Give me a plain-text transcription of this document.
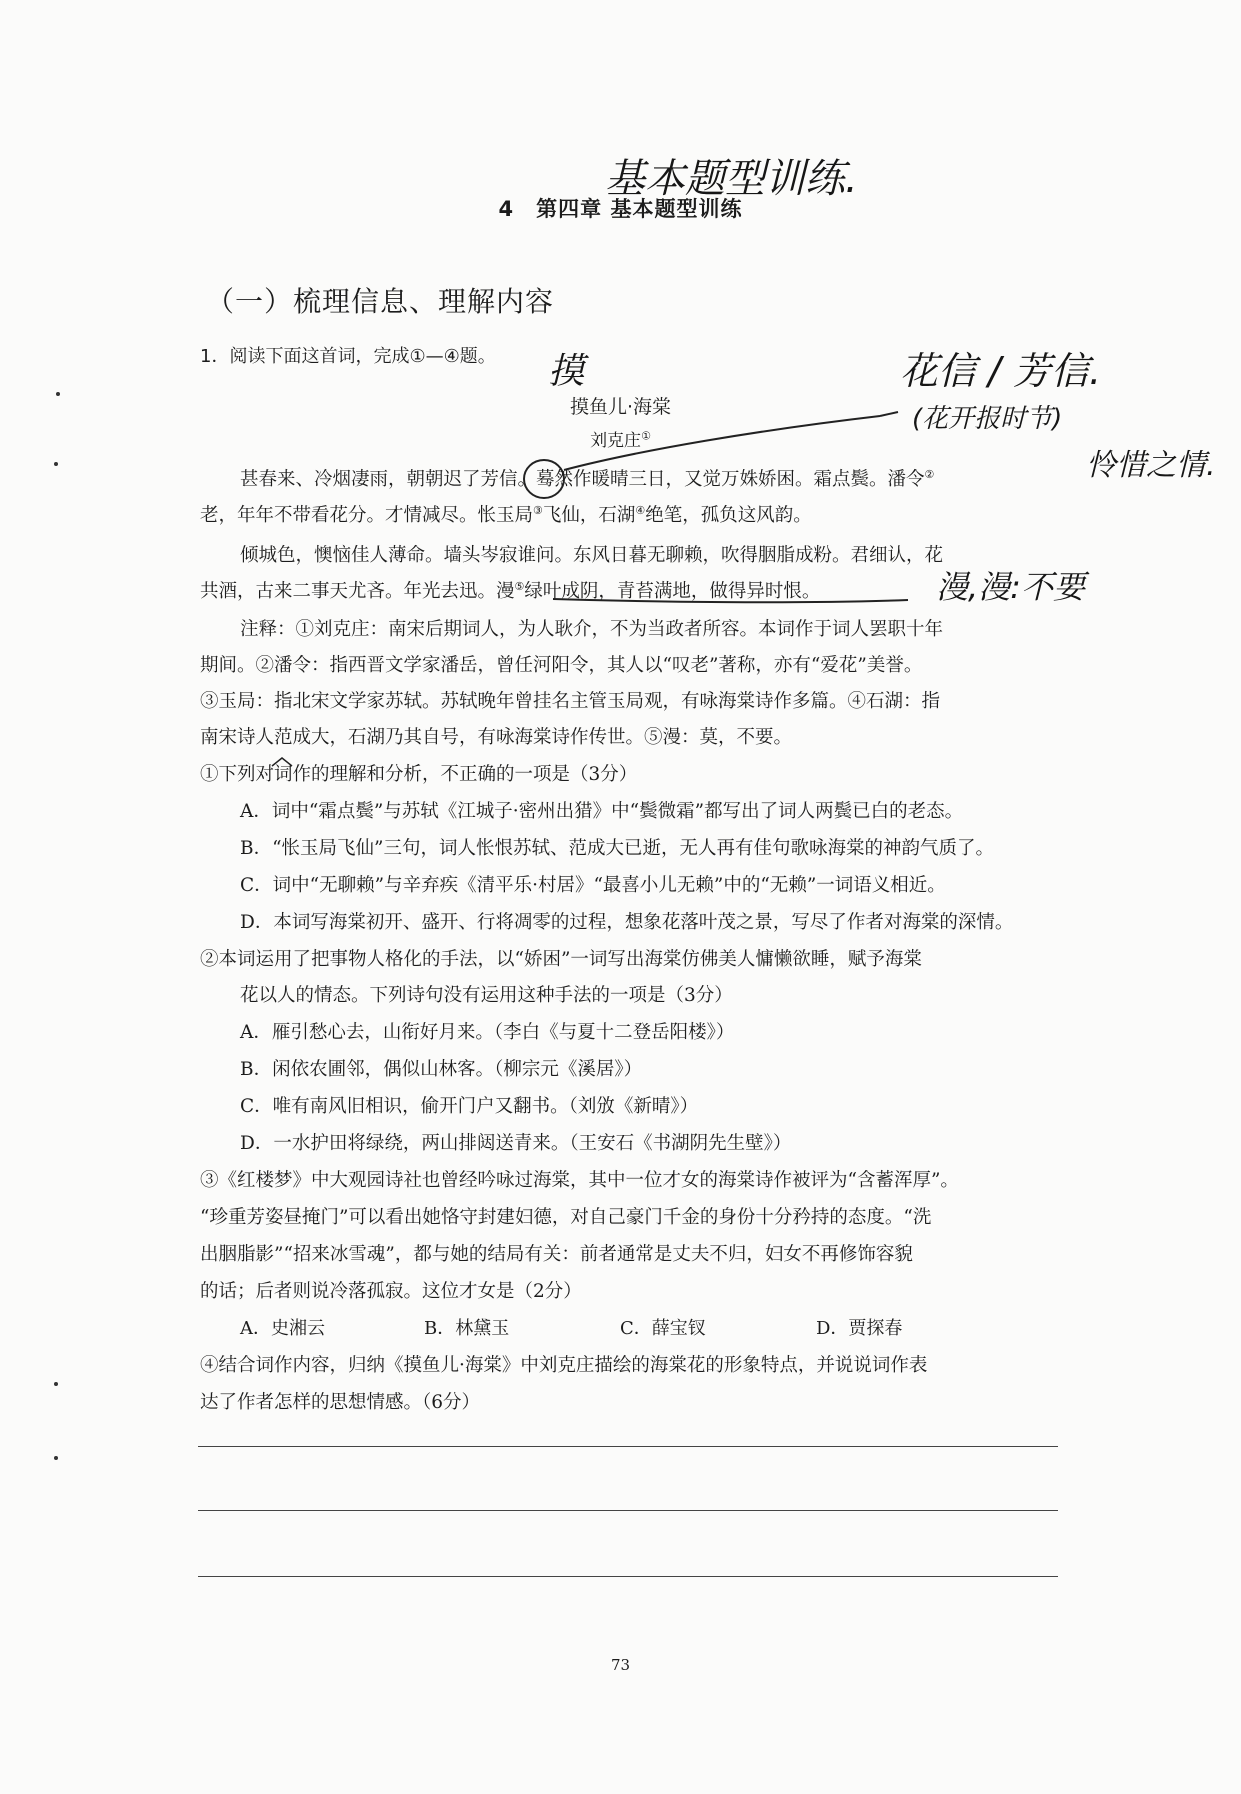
基本题型训练.
4　第四章 基本题型训练
（一）梳理信息、理解内容
1．阅读下面这首词，完成①—④题。 摸	花信 / 芳信.
(花开报时节)
怜惜之情.
摸鱼儿·海棠
刘克庄①
甚春来、冷烟凄雨，朝朝迟了芳信。蓦然作暖晴三日，又觉万姝娇困。霜点鬓。潘令②
老，年年不带看花分。才情减尽。怅玉局③飞仙，石湖④绝笔，孤负这风韵。
倾城色，懊恼佳人薄命。墙头岑寂谁问。东风日暮无聊赖，吹得胭脂成粉。君细认，花
共酒，古来二事天尤吝。年光去迅。漫⑤绿叶成阴，青苔满地，做得异时恨。	漫,漫:不要
注释：①刘克庄：南宋后期词人，为人耿介，不为当政者所容。本词作于词人罢职十年
期间。②潘令：指西晋文学家潘岳，曾任河阳令，其人以“叹老”著称，亦有“爱花”美誉。
③玉局：指北宋文学家苏轼。苏轼晚年曾挂名主管玉局观，有咏海棠诗作多篇。④石湖：指
南宋诗人范成大，石湖乃其自号，有咏海棠诗作传世。⑤漫：莫，不要。
①下列对词作的理解和分析，不正确的一项是（3分）
A．词中“霜点鬓”与苏轼《江城子·密州出猎》中“鬓微霜”都写出了词人两鬓已白的老态。
B．“怅玉局飞仙”三句，词人怅恨苏轼、范成大已逝，无人再有佳句歌咏海棠的神韵气质了。
C．词中“无聊赖”与辛弃疾《清平乐·村居》“最喜小儿无赖”中的“无赖”一词语义相近。
D．本词写海棠初开、盛开、行将凋零的过程，想象花落叶茂之景，写尽了作者对海棠的深情。
②本词运用了把事物人格化的手法，以“娇困”一词写出海棠仿佛美人慵懒欲睡，赋予海棠
花以人的情态。下列诗句没有运用这种手法的一项是（3分）
A．雁引愁心去，山衔好月来。（李白《与夏十二登岳阳楼》）
B．闲依农圃邻，偶似山林客。（柳宗元《溪居》）
C．唯有南风旧相识，偷开门户又翻书。（刘攽《新晴》）
D．一水护田将绿绕，两山排闼送青来。（王安石《书湖阴先生壁》）
③《红楼梦》中大观园诗社也曾经吟咏过海棠，其中一位才女的海棠诗作被评为“含蓄浑厚”。
“珍重芳姿昼掩门”可以看出她恪守封建妇德，对自己豪门千金的身份十分矜持的态度。“洗
出胭脂影”“招来冰雪魂”，都与她的结局有关：前者通常是丈夫不归，妇女不再修饰容貌
的话；后者则说冷落孤寂。这位才女是（2分）
A．史湘云	B．林黛玉	C．薛宝钗	D．贾探春
④结合词作内容，归纳《摸鱼儿·海棠》中刘克庄描绘的海棠花的形象特点，并说说词作表
达了作者怎样的思想情感。（6分）
73
